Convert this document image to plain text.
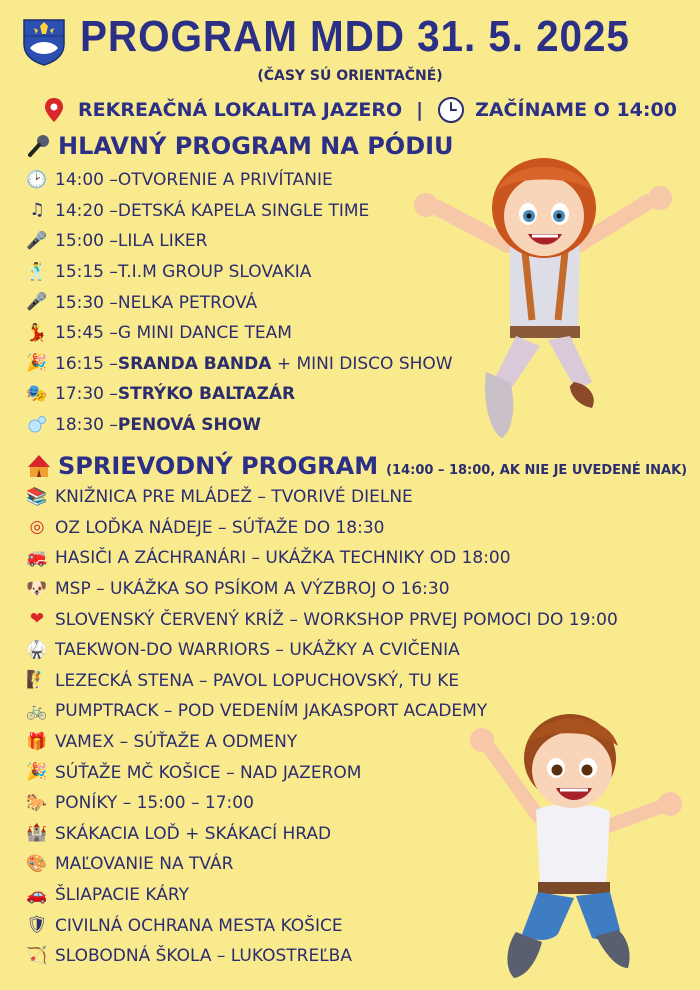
PROGRAM MDD 31. 5. 2025
(ČASY SÚ ORIENTAČNÉ)
REKREAČNÁ LOKALITA JAZERO |	ZAČÍNAME O 14:00
HLAVNÝ PROGRAM NA PÓDIU
🕑 14:00 – OTVORENIE A PRIVÍTANIE
♫ 14:20 – DETSKÁ KAPELA SINGLE TIME
🎤 15:00 – LILA LIKER
🕺 15:15 – T.I.M GROUP SLOVAKIA
🎤 15:30 – NELKA PETROVÁ
💃 15:45 – G MINI DANCE TEAM
🎉 16:15 – SRANDA BANDA + MINI DISCO SHOW
🎭 17:30 – STRÝKO BALTAZÁR
18:30 – PENOVÁ SHOW
SPRIEVODNÝ PROGRAM (14:00 – 18:00, AK NIE JE UVEDENÉ INAK)
📚 KNIŽNICA PRE MLÁDEŽ – TVORIVÉ DIELNE
◎ OZ LOĎKA NÁDEJE – SÚŤAŽE DO 18:30
🚒 HASIČI A ZÁCHRANÁRI – UKÁŽKA TECHNIKY OD 18:00
🐶 MSP – UKÁŽKA SO PSÍKOM A VÝZBROJ O 16:30
❤ SLOVENSKÝ ČERVENÝ KRÍŽ – WORKSHOP PRVEJ POMOCI DO 19:00
🥋 TAEKWON-DO WARRIORS – UKÁŽKY A CVIČENIA
🧗 LEZECKÁ STENA – PAVOL LOPUCHOVSKÝ, TU KE
🚲 PUMPTRACK – POD VEDENÍM JAKASPORT ACADEMY
🎁 VAMEX – SÚŤAŽE A ODMENY
🎉 SÚŤAŽE MČ KOŠICE – NAD JAZEROM
🐎 PONÍKY – 15:00 – 17:00
🏰 SKÁKACIA LOĎ + SKÁKACÍ HRAD
🎨 MAĽOVANIE NA TVÁR
🚗 ŠLIAPACIE KÁRY
🛡 CIVILNÁ OCHRANA MESTA KOŠICE
🏹 SLOBODNÁ ŠKOLA – LUKOSTREĽBA
